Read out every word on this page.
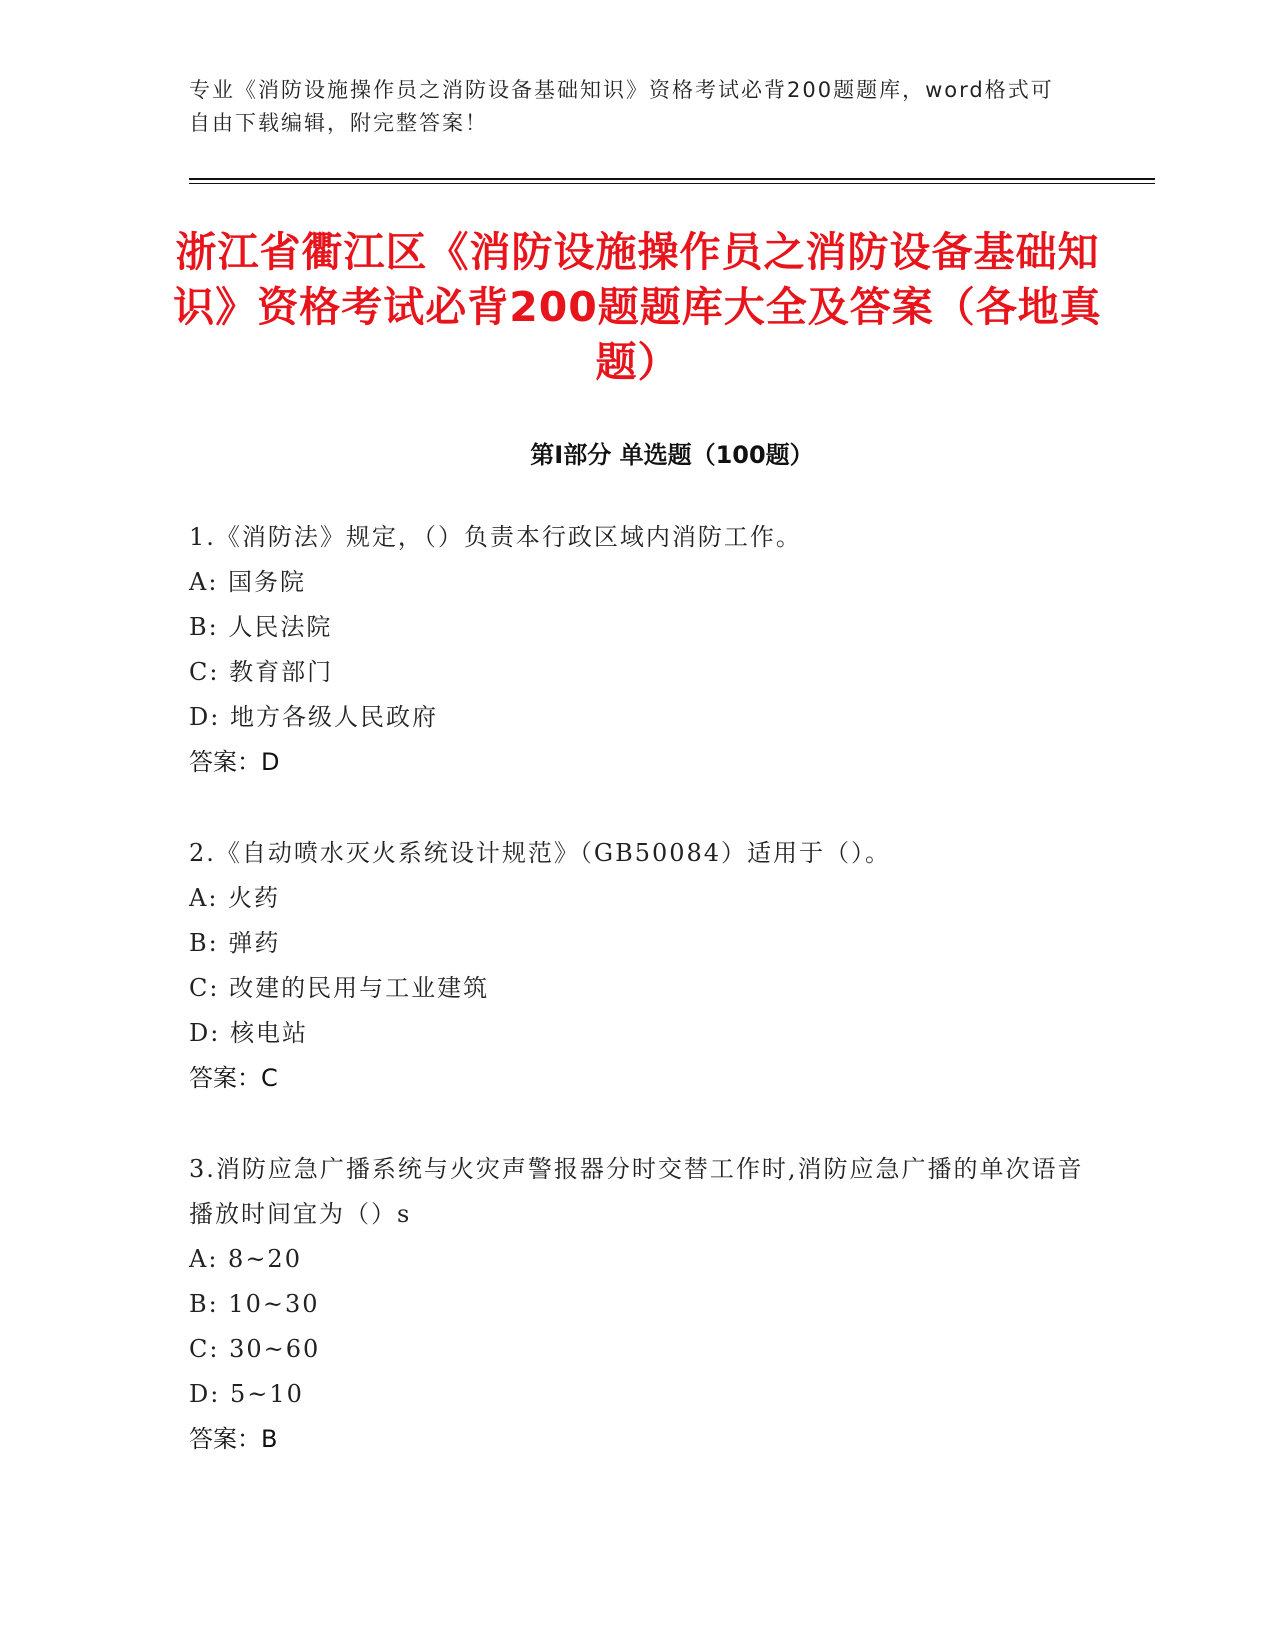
专业《消防设施操作员之消防设备基础知识》资格考试必背200题题库，word格式可自由下载编辑，附完整答案！
浙江省衢江区《消防设施操作员之消防设备基础知识》资格考试必背200题题库大全及答案（各地真题）
第Ⅰ部分 单选题（100题）
1.《消防法》规定，（）负责本行政区域内消防工作。
A: 国务院
B: 人民法院
C: 教育部门
D: 地方各级人民政府
答案：D
2.《自动喷水灭火系统设计规范》（GB50084）适用于（）。
A: 火药
B: 弹药
C: 改建的民用与工业建筑
D: 核电站
答案：C
3.消防应急广播系统与火灾声警报器分时交替工作时,消防应急广播的单次语音播放时间宜为（）s
A: 8~20
B: 10~30
C: 30~60
D: 5~10
答案：B
